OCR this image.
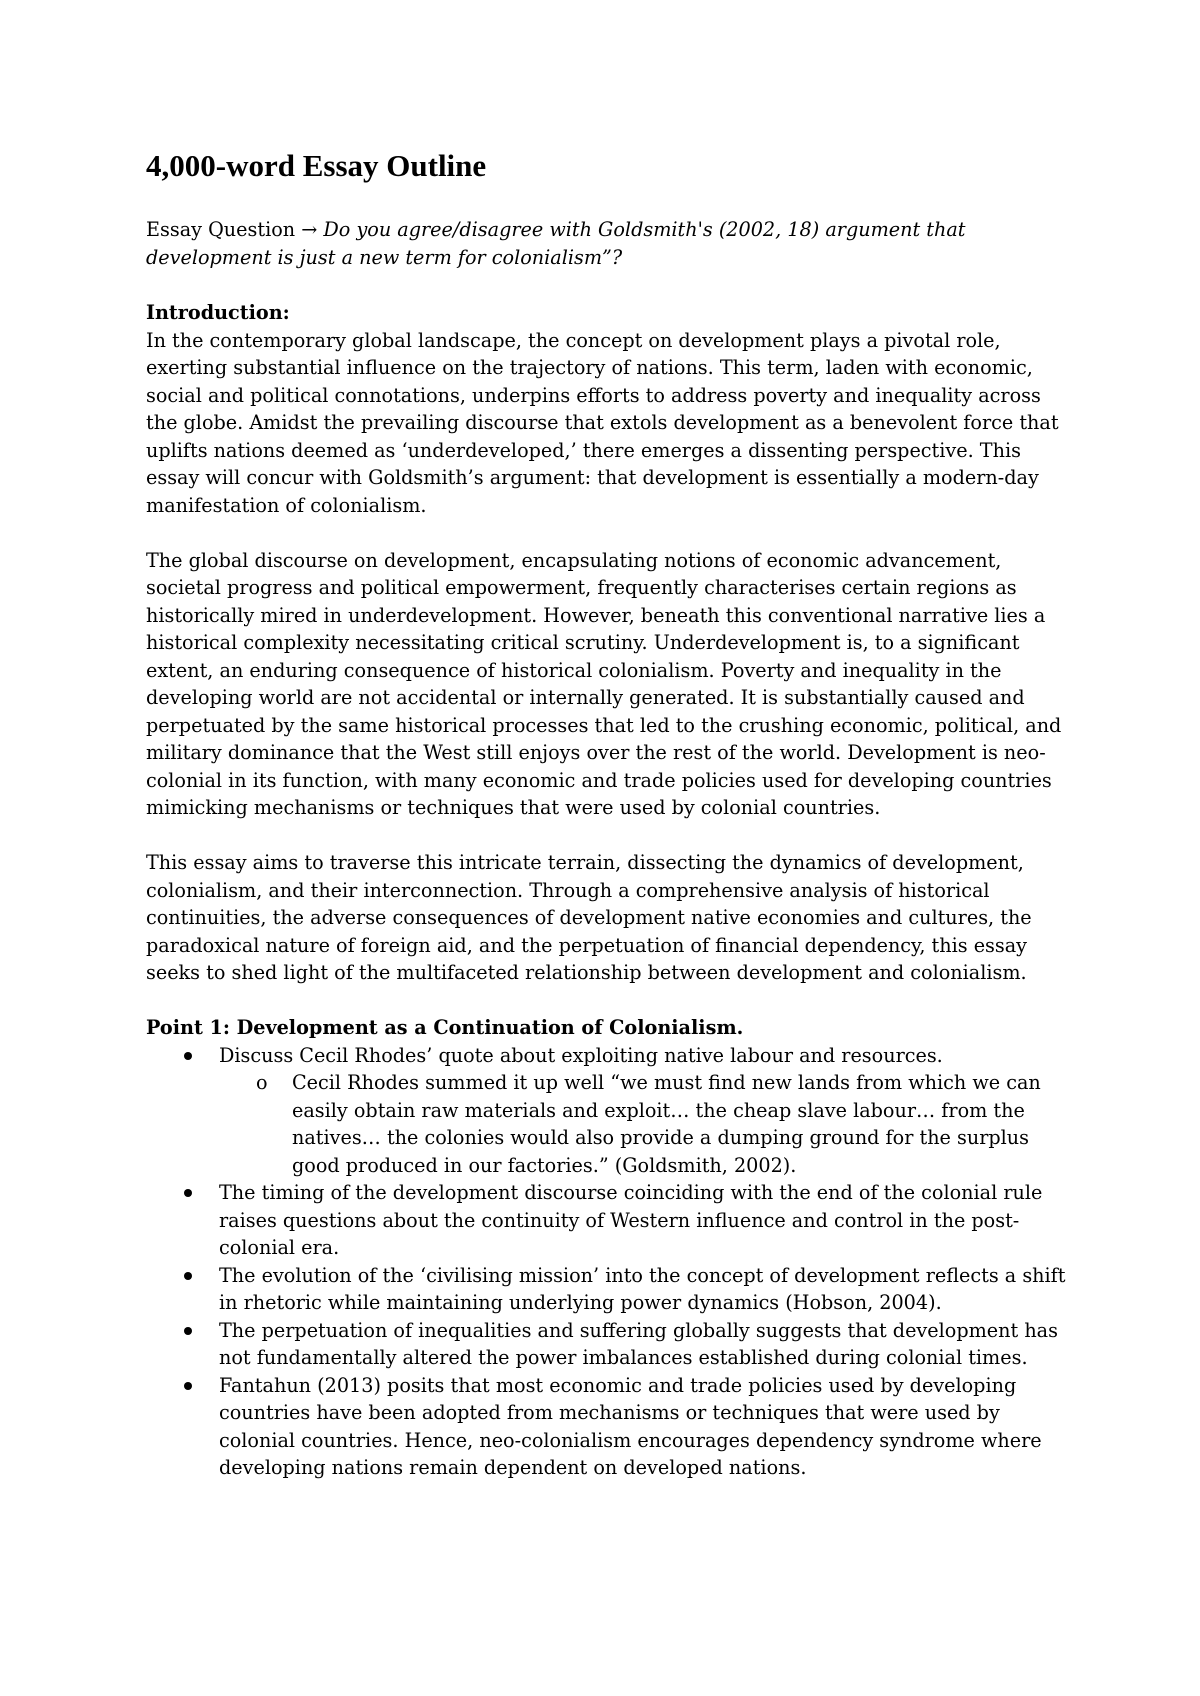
4,000-word Essay Outline

Essay Question → Do you agree/disagree with Goldsmith's (2002, 18) argument that development is just a new term for colonialism”?

Introduction:

In the contemporary global landscape, the concept on development plays a pivotal role, exerting substantial influence on the trajectory of nations. This term, laden with economic, social and political connotations, underpins efforts to address poverty and inequality across the globe. Amidst the prevailing discourse that extols development as a benevolent force that uplifts nations deemed as ‘underdeveloped,’ there emerges a dissenting perspective. This essay will concur with Goldsmith’s argument: that development is essentially a modern-day manifestation of colonialism.

The global discourse on development, encapsulating notions of economic advancement, societal progress and political empowerment, frequently characterises certain regions as historically mired in underdevelopment. However, beneath this conventional narrative lies a historical complexity necessitating critical scrutiny. Underdevelopment is, to a significant extent, an enduring consequence of historical colonialism. Poverty and inequality in the developing world are not accidental or internally generated. It is substantially caused and perpetuated by the same historical processes that led to the crushing economic, political, and military dominance that the West still enjoys over the rest of the world. Development is neo-colonial in its function, with many economic and trade policies used for developing countries mimicking mechanisms or techniques that were used by colonial countries.

This essay aims to traverse this intricate terrain, dissecting the dynamics of development, colonialism, and their interconnection. Through a comprehensive analysis of historical continuities, the adverse consequences of development native economies and cultures, the paradoxical nature of foreign aid, and the perpetuation of financial dependency, this essay seeks to shed light of the multifaceted relationship between development and colonialism.

Point 1: Development as a Continuation of Colonialism.
Discuss Cecil Rhodes’ quote about exploiting native labour and resources.
o Cecil Rhodes summed it up well “we must find new lands from which we can easily obtain raw materials and exploit… the cheap slave labour… from the natives… the colonies would also provide a dumping ground for the surplus good produced in our factories.” (Goldsmith, 2002).
The timing of the development discourse coinciding with the end of the colonial rule raises questions about the continuity of Western influence and control in the post-colonial era.
The evolution of the ‘civilising mission’ into the concept of development reflects a shift in rhetoric while maintaining underlying power dynamics (Hobson, 2004).
The perpetuation of inequalities and suffering globally suggests that development has not fundamentally altered the power imbalances established during colonial times.
Fantahun (2013) posits that most economic and trade policies used by developing countries have been adopted from mechanisms or techniques that were used by colonial countries. Hence, neo-colonialism encourages dependency syndrome where developing nations remain dependent on developed nations.
